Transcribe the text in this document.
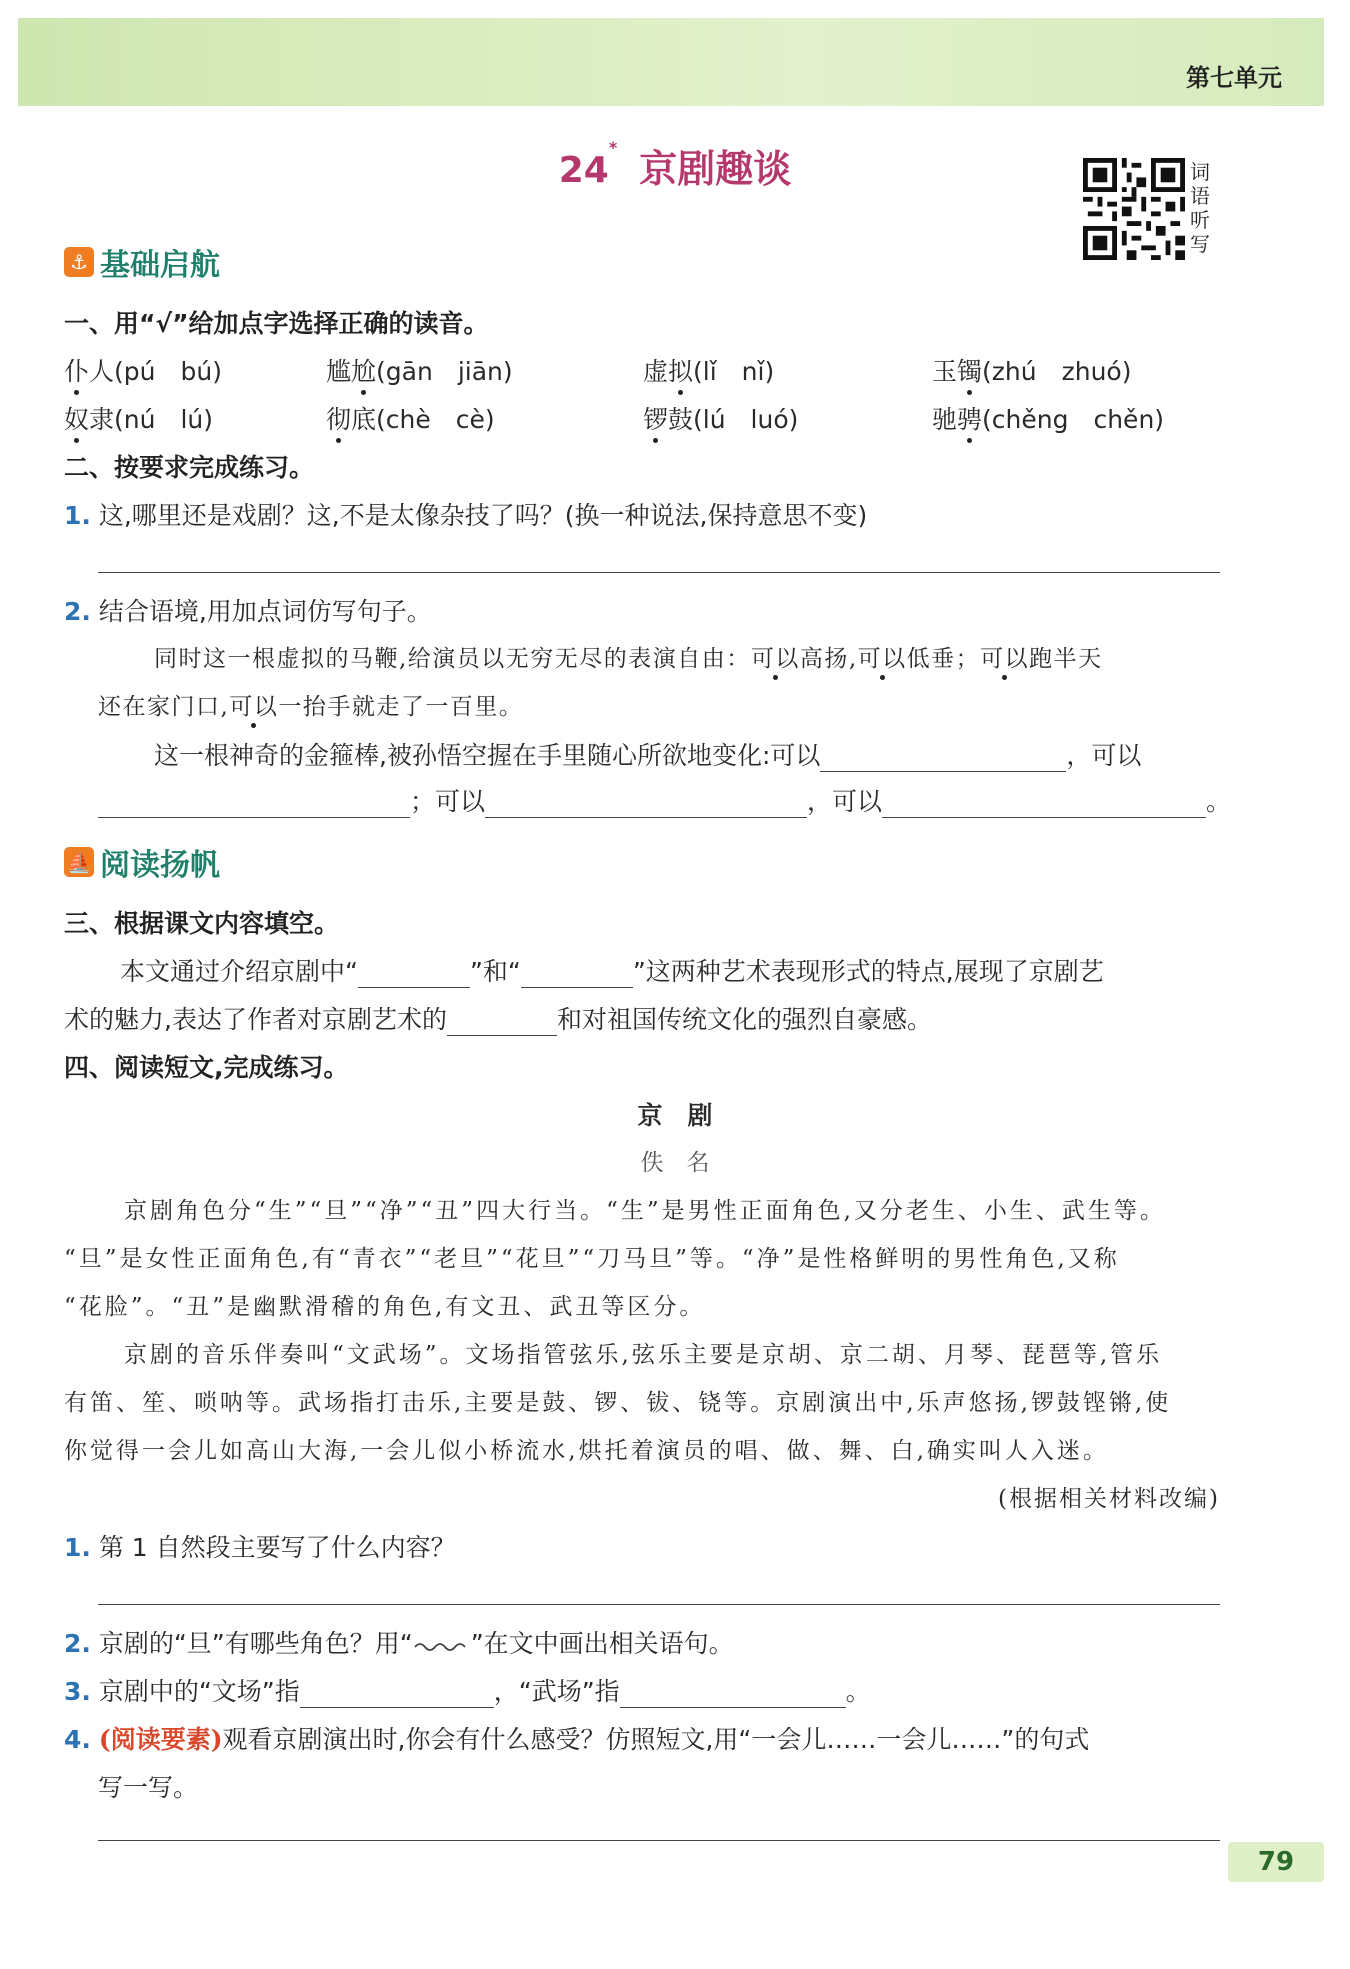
第七单元
24* 京剧趣谈	词
语
听
写
⚓ 基础启航
一、用“√”给加点字选择正确的读音。
仆人(pú　bú)	尴尬(gān　jiān)	虚拟(lǐ　nǐ)	玉镯(zhú　zhuó)
奴隶(nú　lú)	彻底(chè　cè)	锣鼓(lú　luó)	驰骋(chěng　chěn)
二、按要求完成练习。
1. 这,哪里还是戏剧？这,不是太像杂技了吗？(换一种说法,保持意思不变)
2. 结合语境,用加点词仿写句子。
同时这一根虚拟的马鞭,给演员以无穷无尽的表演自由：可以高扬,可以低垂；可以跑半天
还在家门口,可以一抬手就走了一百里。
这一根神奇的金箍棒,被孙悟空握在手里随心所欲地变化:可以	，可以
；可以	，可以	。
⛵ 阅读扬帆
三、根据课文内容填空。
本文通过介绍京剧中“	”和“	”这两种艺术表现形式的特点,展现了京剧艺
术的魅力,表达了作者对京剧艺术的	和对祖国传统文化的强烈自豪感。
四、阅读短文,完成练习。
京　剧
佚　名
京剧角色分“生”“旦”“净”“丑”四大行当。“生”是男性正面角色,又分老生、小生、武生等。
“旦”是女性正面角色,有“青衣”“老旦”“花旦”“刀马旦”等。“净”是性格鲜明的男性角色,又称
“花脸”。“丑”是幽默滑稽的角色,有文丑、武丑等区分。
京剧的音乐伴奏叫“文武场”。文场指管弦乐,弦乐主要是京胡、京二胡、月琴、琵琶等,管乐
有笛、笙、唢呐等。武场指打击乐,主要是鼓、锣、钹、铙等。京剧演出中,乐声悠扬,锣鼓铿锵,使
你觉得一会儿如高山大海,一会儿似小桥流水,烘托着演员的唱、做、舞、白,确实叫人入迷。
(根据相关材料改编)
1. 第 1 自然段主要写了什么内容？
2. 京剧的“旦”有哪些角色？用“ ”在文中画出相关语句。
3. 京剧中的“文场”指	，“武场”指	。
4. (阅读要素)观看京剧演出时,你会有什么感受？仿照短文,用“一会儿……一会儿……”的句式
写一写。
79
